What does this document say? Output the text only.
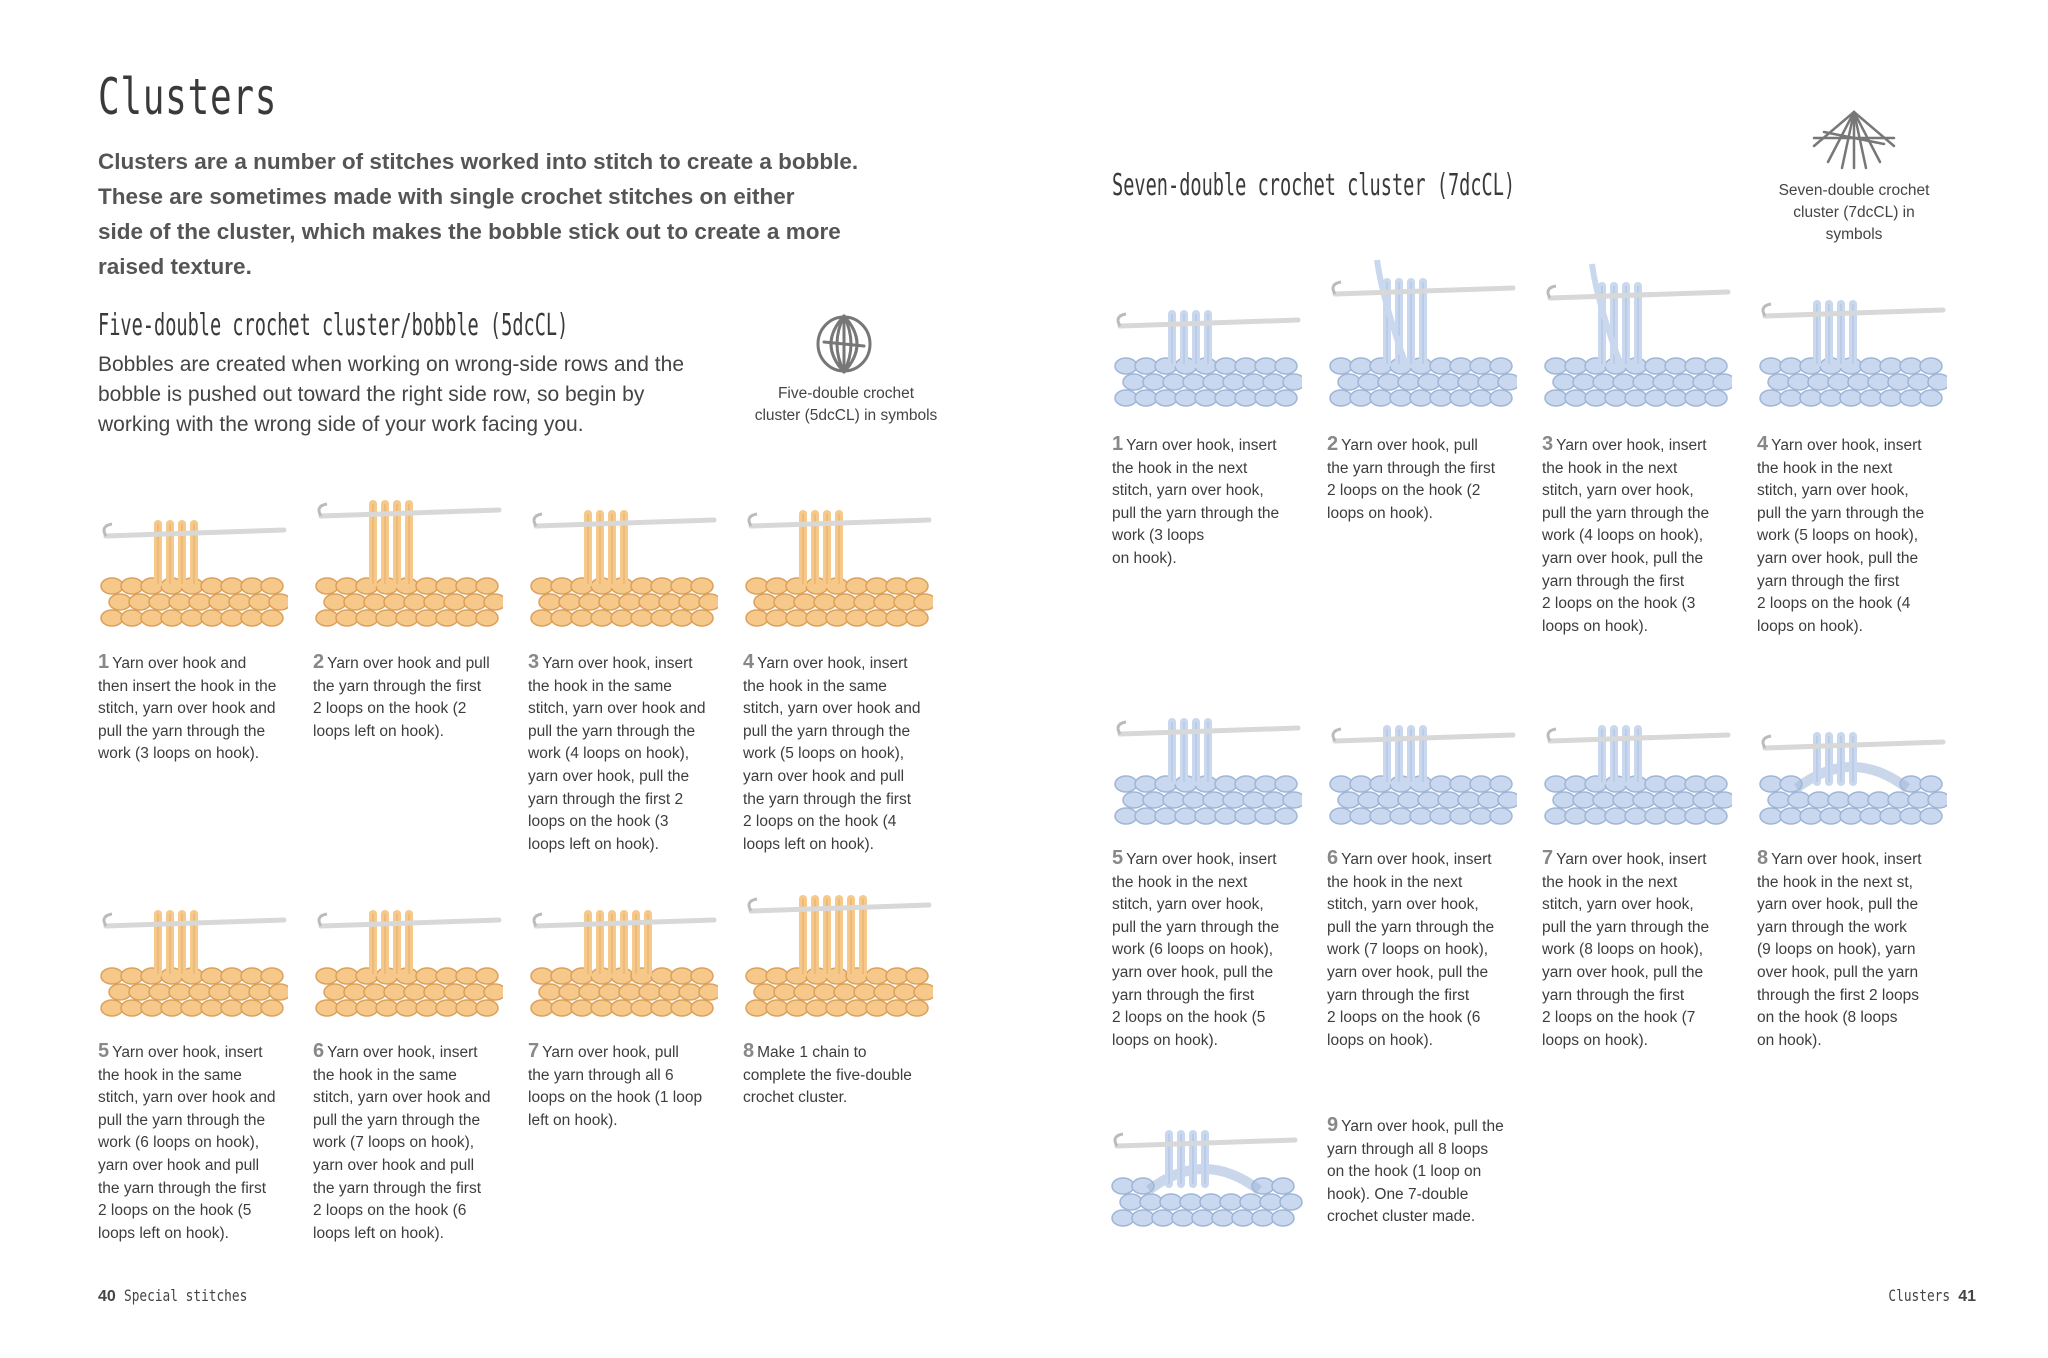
Clusters
Clusters are a number of stitches worked into stitch to create a bobble.
These are sometimes made with single crochet stitches on either
side of the cluster, which makes the bobble stick out to create a more
raised texture.
Five-double crochet cluster/bobble (5dcCL)
Bobbles are created when working on wrong-side rows and the
bobble is pushed out toward the right side row, so begin by
working with the wrong side of your work facing you.
Five-double crochet
cluster (5dcCL) in symbols
1 Yarn over hook and
then insert the hook in the
stitch, yarn over hook and
pull the yarn through the
work (3 loops on hook).
2 Yarn over hook and pull
the yarn through the first
2 loops on the hook (2
loops left on hook).
3 Yarn over hook, insert
the hook in the same
stitch, yarn over hook and
pull the yarn through the
work (4 loops on hook),
yarn over hook, pull the
yarn through the first 2
loops on the hook (3
loops left on hook).
4 Yarn over hook, insert
the hook in the same
stitch, yarn over hook and
pull the yarn through the
work (5 loops on hook),
yarn over hook and pull
the yarn through the first
2 loops on the hook (4
loops left on hook).
5 Yarn over hook, insert
the hook in the same
stitch, yarn over hook and
pull the yarn through the
work (6 loops on hook),
yarn over hook and pull
the yarn through the first
2 loops on the hook (5
loops left on hook).
6 Yarn over hook, insert
the hook in the same
stitch, yarn over hook and
pull the yarn through the
work (7 loops on hook),
yarn over hook and pull
the yarn through the first
2 loops on the hook (6
loops left on hook).
7 Yarn over hook, pull
the yarn through all 6
loops on the hook (1 loop
left on hook).
8 Make 1 chain to
complete the five-double
crochet cluster.
40 Special stitches
Seven-double crochet cluster (7dcCL)	Seven-double crochet
cluster (7dcCL) in
symbols
1 Yarn over hook, insert
the hook in the next
stitch, yarn over hook,
pull the yarn through the
work (3 loops
on hook).
2 Yarn over hook, pull
the yarn through the first
2 loops on the hook (2
loops on hook).
3 Yarn over hook, insert
the hook in the next
stitch, yarn over hook,
pull the yarn through the
work (4 loops on hook),
yarn over hook, pull the
yarn through the first
2 loops on the hook (3
loops on hook).
4 Yarn over hook, insert
the hook in the next
stitch, yarn over hook,
pull the yarn through the
work (5 loops on hook),
yarn over hook, pull the
yarn through the first
2 loops on the hook (4
loops on hook).
5 Yarn over hook, insert
the hook in the next
stitch, yarn over hook,
pull the yarn through the
work (6 loops on hook),
yarn over hook, pull the
yarn through the first
2 loops on the hook (5
loops on hook).
6 Yarn over hook, insert
the hook in the next
stitch, yarn over hook,
pull the yarn through the
work (7 loops on hook),
yarn over hook, pull the
yarn through the first
2 loops on the hook (6
loops on hook).
7 Yarn over hook, insert
the hook in the next
stitch, yarn over hook,
pull the yarn through the
work (8 loops on hook),
yarn over hook, pull the
yarn through the first
2 loops on the hook (7
loops on hook).
8 Yarn over hook, insert
the hook in the next st,
yarn over hook, pull the
yarn through the work
(9 loops on hook), yarn
over hook, pull the yarn
through the first 2 loops
on the hook (8 loops
on hook).
9 Yarn over hook, pull the
yarn through all 8 loops
on the hook (1 loop on
hook). One 7-double
crochet cluster made.
Clusters 41
